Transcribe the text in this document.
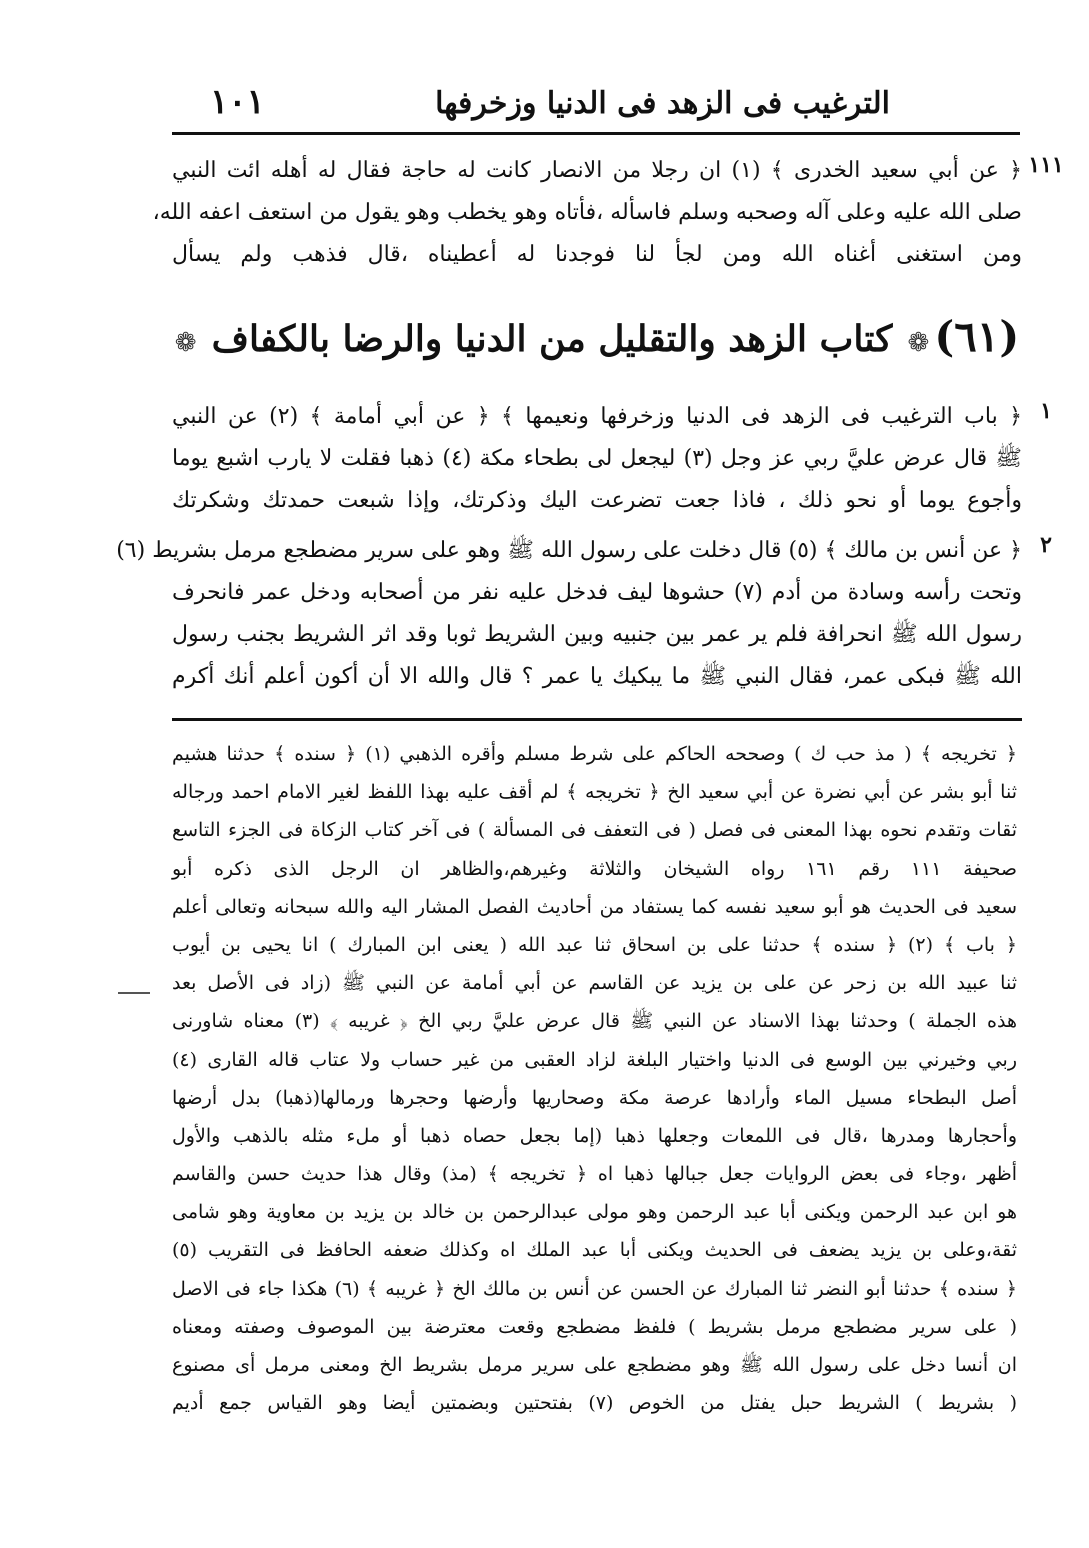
١٠١	الترغيب فى الزهد فى الدنيا وزخرفها
١١١
﴿ عن أبي سعيد الخدرى ﴾ (١) ان رجلا من الانصار كانت له حاجة فقال له أهله ائت النبي
صلى الله عليه وعلى آله وصحبه وسلم فاسأله ،فأتاه وهو يخطب وهو يقول من استعف اعفه الله،
ومن استغنى أغناه الله ومن لجأ لنا فوجدنا له أعطيناه ،قال فذهب ولم يسأل
(٦١) ❁ كتاب الزهد والتقليل من الدنيا والرضا بالكفاف ❁
١
﴿ باب الترغيب فى الزهد فى الدنيا وزخرفها ونعيمها ﴾ ﴿ عن أبي أمامة ﴾ (٢) عن النبي
ﷺ قال عرض عليَّ ربي عز وجل (٣) ليجعل لى بطحاء مكة (٤) ذهبا فقلت لا يارب اشبع يوما
وأجوع يوما أو نحو ذلك ، فاذا جعت تضرعت اليك وذكرتك، وإذا شبعت حمدتك وشكرتك
٢
﴿ عن أنس بن مالك ﴾ (٥) قال دخلت على رسول الله ﷺ وهو على سرير مضطجع مرمل بشريط (٦)
وتحت رأسه وسادة من أدم (٧) حشوها ليف فدخل عليه نفر من أصحابه ودخل عمر فانحرف
رسول الله ﷺ انحرافة فلم ير عمر بين جنبيه وبين الشريط ثوبا وقد اثر الشريط بجنب رسول
الله ﷺ فبكى عمر، فقال النبي ﷺ ما يبكيك يا عمر ؟ قال والله الا أن أكون أعلم أنك أكرم
﴿ تخريجه ﴾ ( مذ حب ك ) وصححه الحاكم على شرط مسلم وأقره الذهبي (١) ﴿ سنده ﴾ حدثنا هشيم
ثنا أبو بشر عن أبي نضرة عن أبي سعيد الخ ﴿ تخريجه ﴾ لم أقف عليه بهذا اللفظ لغير الامام احمد ورجاله
ثقات وتقدم نحوه بهذا المعنى فى فصل ( فى التعفف فى المسألة ) فى آخر كتاب الزكاة فى الجزء التاسع
صحيفة ١١١ رقم ١٦١ رواه الشيخان والثلاثة وغيرهم،والظاهر ان الرجل الذى ذكره أبو
سعيد فى الحديث هو أبو سعيد نفسه كما يستفاد من أحاديث الفصل المشار اليه والله سبحانه وتعالى أعلم
﴿ باب ﴾ (٢) ﴿ سنده ﴾ حدثنا على بن اسحاق ثنا عبد الله ( يعنى ابن المبارك ) انا يحيى بن أيوب
ثنا عبيد الله بن زحر عن على بن يزيد عن القاسم عن أبي أمامة عن النبي ﷺ (زاد فى الأصل بعد
هذه الجملة ) وحدثنا بهذا الاسناد عن النبي ﷺ قال عرض عليَّ ربي الخ ﴿ غريبه ﴾ (٣) معناه شاورنى
ربي وخيرني بين الوسع فى الدنيا واختيار البلغة لزاد العقبى من غير حساب ولا عتاب قاله القارى (٤)
أصل البطحاء مسيل الماء وأرادها عرصة مكة وصحاريها وأرضها وحجرها ورمالها(ذهبا) بدل أرضها
وأحجارها ومدرها ،قال فى اللمعات وجعلها ذهبا (إما بجعل حصاه ذهبا أو ملء مثله بالذهب والأول
أظهر ،وجاء فى بعض الروايات جعل جبالها ذهبا اه ﴿ تخريجه ﴾ (مذ) وقال هذا حديث حسن والقاسم
هو ابن عبد الرحمن ويكنى أبا عبد الرحمن وهو مولى عبدالرحمن بن خالد بن يزيد بن معاوية وهو شامى
ثقة،وعلى بن يزيد يضعف فى الحديث ويكنى أبا عبد الملك اه وكذلك ضعفه الحافظ فى التقريب (٥)
﴿ سنده ﴾ حدثنا أبو النضر ثنا المبارك عن الحسن عن أنس بن مالك الخ ﴿ غريبه ﴾ (٦) هكذا جاء فى الاصل
( على سرير مضطجع مرمل بشريط ) فلفظ مضطجع وقعت معترضة بين الموصوف وصفته ومعناه
ان أنسا دخل على رسول الله ﷺ وهو مضطجع على سرير مرمل بشريط الخ ومعنى مرمل أى مصنوع
( بشريط ) الشريط حبل يفتل من الخوص (٧) بفتحتين وبضمتين أيضا وهو القياس جمع أديم
